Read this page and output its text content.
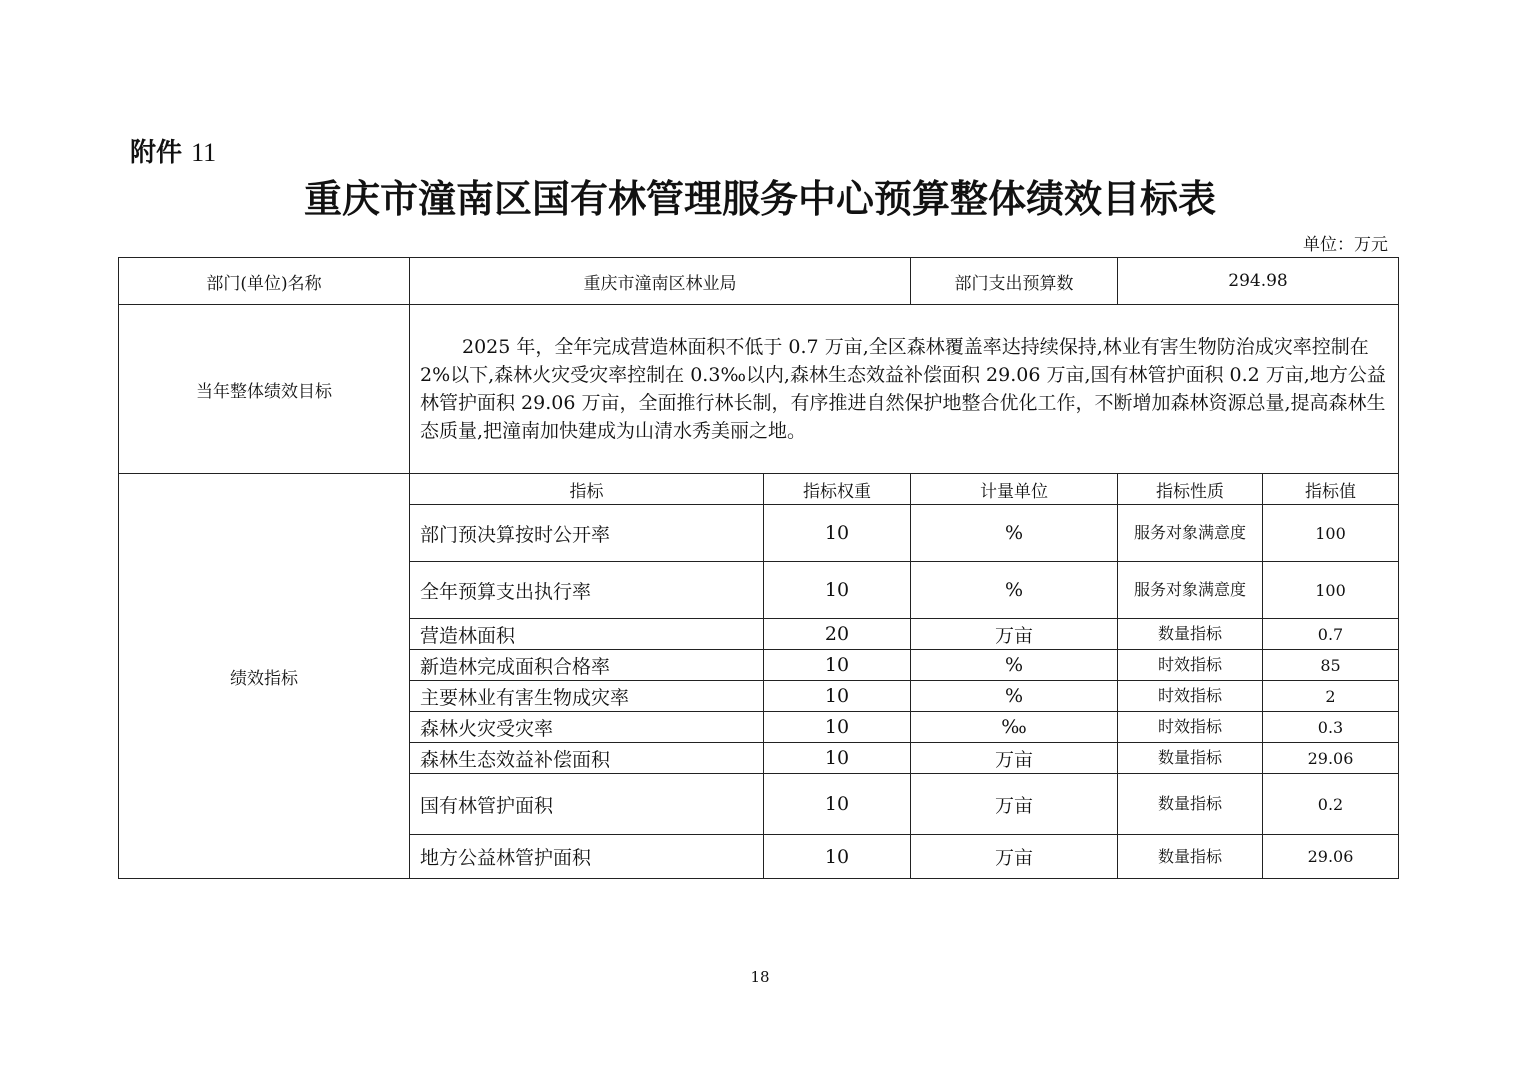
附件 11
重庆市潼南区国有林管理服务中心预算整体绩效目标表
单位：万元
部门(单位)名称	重庆市潼南区林业局		部门支出预算数	294.98	
当年整体绩效目标	2025 年，全年完成营造林面积不低于 0.7 万亩,全区森林覆盖率达持续保持,林业有害生物防治成灾率控制在 2%以下,森林火灾受灾率控制在 0.3‰以内,森林生态效益补偿面积 29.06 万亩,国有林管护面积 0.2 万亩,地方公益林管护面积 29.06 万亩，全面推行林长制，有序推进自然保护地整合优化工作，不断增加森林资源总量,提高森林生态质量,把潼南加快建成为山清水秀美丽之地。				
绩效指标	指标	指标权重	计量单位	指标性质	指标值
	部门预决算按时公开率	10	%	服务对象满意度	100
	全年预算支出执行率	10	%	服务对象满意度	100
	营造林面积	20	万亩	数量指标	0.7
	新造林完成面积合格率	10	%	时效指标	85
	主要林业有害生物成灾率	10	%	时效指标	2
	森林火灾受灾率	10	‰	时效指标	0.3
	森林生态效益补偿面积	10	万亩	数量指标	29.06
	国有林管护面积	10	万亩	数量指标	0.2
	地方公益林管护面积	10	万亩	数量指标	29.06
18
